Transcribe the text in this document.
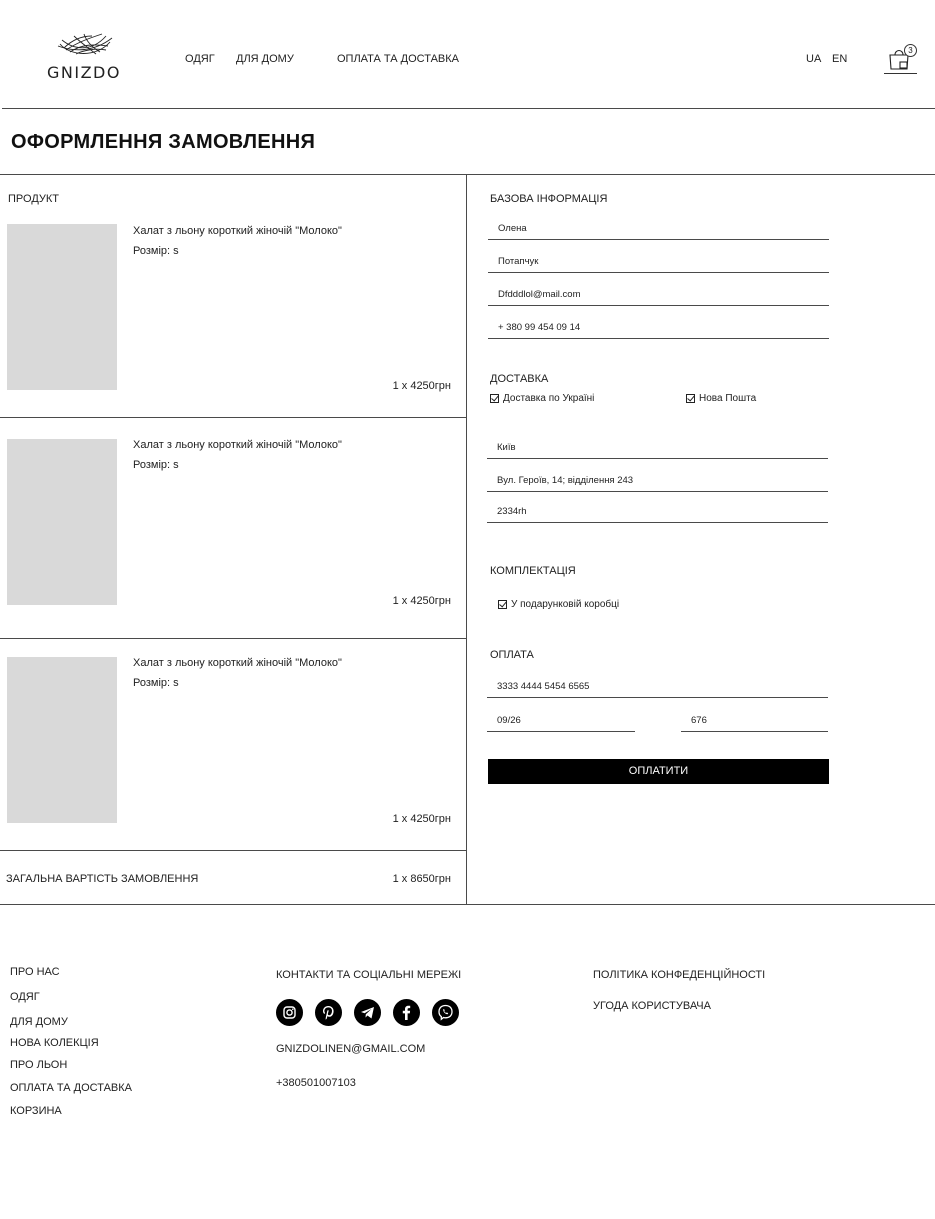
GNIZDO
ОДЯГ ДЛЯ ДОМУ	ОПЛАТА ТА ДОСТАВКА	UA EN
3
ОФОРМЛЕННЯ ЗАМОВЛЕННЯ
ПРОДУКТ
Халат з льону короткий жіночій "Молоко"
Розмір: s
1 x 4250грн
Халат з льону короткий жіночій "Молоко"
Розмір: s
1 x 4250грн
Халат з льону короткий жіночій "Молоко"
Розмір: s
1 x 4250грн
ЗАГАЛЬНА ВАРТІСТЬ ЗАМОВЛЕННЯ	1 x 8650грн
БАЗОВА ІНФОРМАЦІЯ
Олена
Потапчук
Dfdddlol@mail.com
+ 380 99 454 09 14
ДОСТАВКА
Доставка по Україні	Нова Пошта
Київ
Вул. Героїв, 14; відділення 243
2334rh
КОМПЛЕКТАЦІЯ
У подарунковій коробці
ОПЛАТА
3333 4444 5454 6565
09/26	676
ОПЛАТИТИ
ПРО НАС
ОДЯГ
ДЛЯ ДОМУ
НОВА КОЛЕКЦІЯ
ПРО ЛЬОН
ОПЛАТА ТА ДОСТАВКА
КОРЗИНА
КОНТАКТИ ТА СОЦІАЛЬНІ МЕРЕЖІ
GNIZDOLINEN@GMAIL.COM
+380501007103
ПОЛІТИКА КОНФЕДЕНЦІЙНОСТІ
УГОДА КОРИСТУВАЧА
